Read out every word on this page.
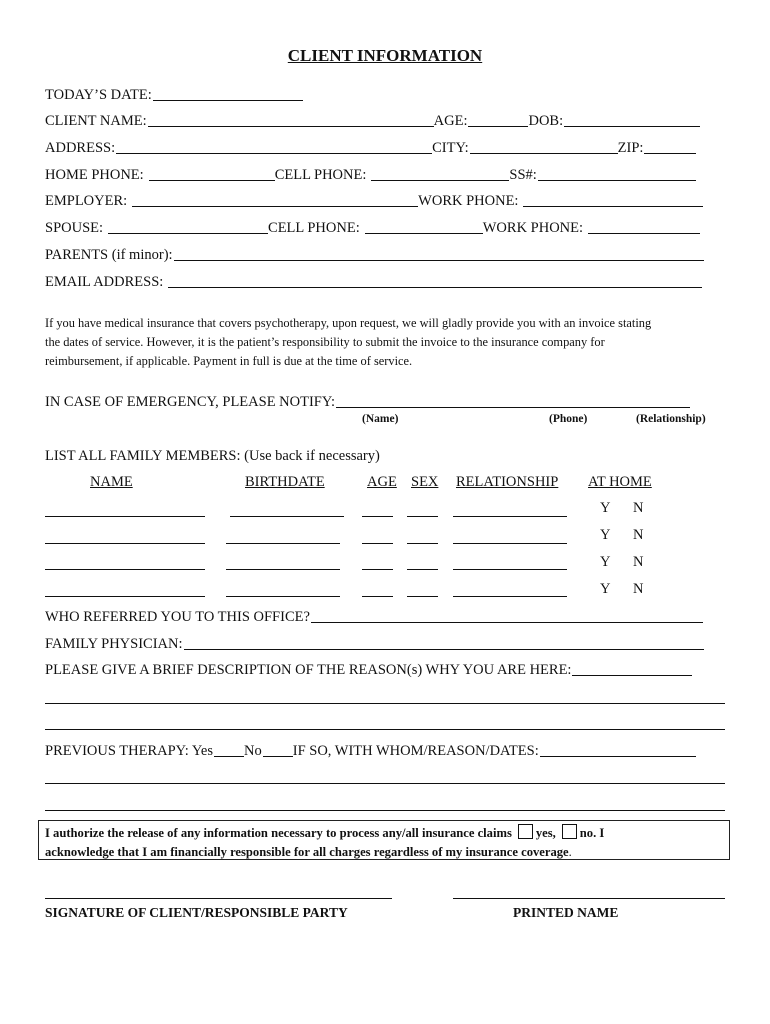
CLIENT INFORMATION
TODAY’S DATE:
CLIENT NAME:	AGE:	DOB:
ADDRESS:	CITY:	ZIP:
HOME PHONE:	CELL PHONE:	SS#:
EMPLOYER:	WORK PHONE:
SPOUSE:	CELL PHONE:	WORK PHONE:
PARENTS (if minor):
EMAIL ADDRESS:
If you have medical insurance that covers psychotherapy, upon request, we will gladly provide you with an invoice stating
the dates of service. However, it is the patient’s responsibility to submit the invoice to the insurance company for
reimbursement, if applicable. Payment in full is due at the time of service.
IN CASE OF EMERGENCY, PLEASE NOTIFY:
(Name)	(Phone)	(Relationship)
LIST ALL FAMILY MEMBERS: (Use back if necessary)
NAME	BIRTHDATE	AGE SEX RELATIONSHIP AT HOME
Y N
Y N
Y N
Y N
WHO REFERRED YOU TO THIS OFFICE?
FAMILY PHYSICIAN:
PLEASE GIVE A BRIEF DESCRIPTION OF THE REASON(s) WHY YOU ARE HERE:
PREVIOUS THERAPY: Yes No IF SO, WITH WHOM/REASON/DATES:
I authorize the release of any information necessary to process any/all insurance claims yes, no. I
acknowledge that I am financially responsible for all charges regardless of my insurance coverage.
SIGNATURE OF CLIENT/RESPONSIBLE PARTY	PRINTED NAME
